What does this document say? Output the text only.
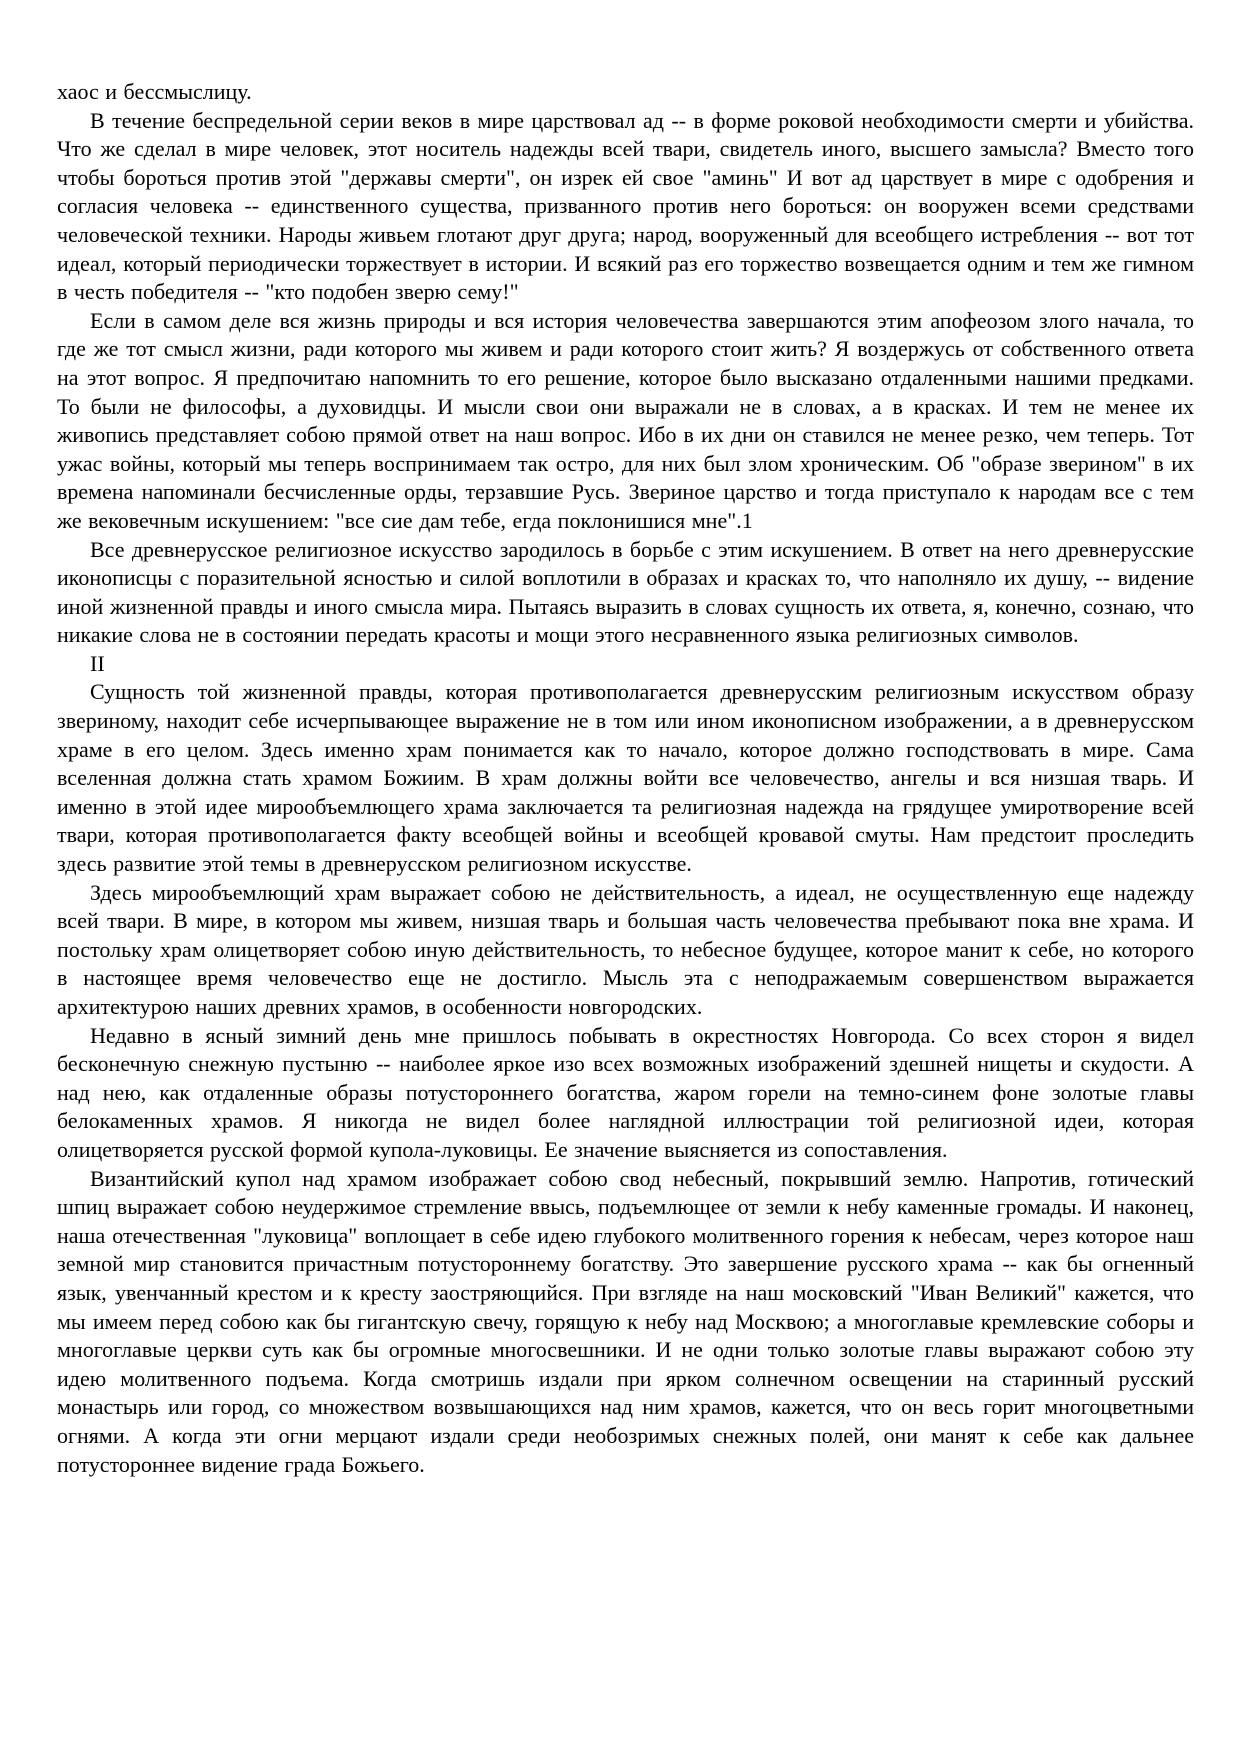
хаос и бессмыслицу.

В течение беспредельной серии веков в мире царствовал ад -- в форме роковой необходимости смерти и убийства. Что же сделал в мире человек, этот носитель надежды всей твари, свидетель иного, высшего замысла? Вместо того чтобы бороться против этой "державы смерти", он изрек ей свое "аминь" И вот ад царствует в мире с одобрения и согласия человека -- единственного существа, призванного против него бороться: он вооружен всеми средствами человеческой техники. Народы живьем глотают друг друга; народ, вооруженный для всеобщего истребления -- вот тот идеал, который периодически торжествует в истории. И всякий раз его торжество возвещается одним и тем же гимном в честь победителя -- "кто подобен зверю сему!"

Если в самом деле вся жизнь природы и вся история человечества завершаются этим апофеозом злого начала, то где же тот смысл жизни, ради которого мы живем и ради которого стоит жить? Я воздержусь от собственного ответа на этот вопрос. Я предпочитаю напомнить то его решение, которое было высказано отдаленными нашими предками. То были не философы, а духовидцы. И мысли свои они выражали не в словах, а в красках. И тем не менее их живопись представляет собою прямой ответ на наш вопрос. Ибо в их дни он ставился не менее резко, чем теперь. Тот ужас войны, который мы теперь воспринимаем так остро, для них был злом хроническим. Об "образе зверином" в их времена напоминали бесчисленные орды, терзавшие Русь. Звериное царство и тогда приступало к народам все с тем же вековечным искушением: "все сие дам тебе, егда поклонишися мне".1

Все древнерусское религиозное искусство зародилось в борьбе с этим искушением. В ответ на него древнерусские иконописцы с поразительной ясностью и силой воплотили в образах и красках то, что наполняло их душу, -- видение иной жизненной правды и иного смысла мира. Пытаясь выразить в словах сущность их ответа, я, конечно, сознаю, что никакие слова не в состоянии передать красоты и мощи этого несравненного языка религиозных символов.

II

Сущность той жизненной правды, которая противополагается древнерусским религиозным искусством образу звериному, находит себе исчерпывающее выражение не в том или ином иконописном изображении, а в древнерусском храме в его целом. Здесь именно храм понимается как то начало, которое должно господствовать в мире. Сама вселенная должна стать храмом Божиим. В храм должны войти все человечество, ангелы и вся низшая тварь. И именно в этой идее мирообъемлющего храма заключается та религиозная надежда на грядущее умиротворение всей твари, которая противополагается факту всеобщей войны и всеобщей кровавой смуты. Нам предстоит проследить здесь развитие этой темы в древнерусском религиозном искусстве.

Здесь мирообъемлющий храм выражает собою не действительность, а идеал, не осуществленную еще надежду всей твари. В мире, в котором мы живем, низшая тварь и большая часть человечества пребывают пока вне храма. И постольку храм олицетворяет собою иную действительность, то небесное будущее, которое манит к себе, но которого в настоящее время человечество еще не достигло. Мысль эта с неподражаемым совершенством выражается архитектурою наших древних храмов, в особенности новгородских.

Недавно в ясный зимний день мне пришлось побывать в окрестностях Новгорода. Со всех сторон я видел бесконечную снежную пустыню -- наиболее яркое изо всех возможных изображений здешней нищеты и скудости. А над нею, как отдаленные образы потустороннего богатства, жаром горели на темно-синем фоне золотые главы белокаменных храмов. Я никогда не видел более наглядной иллюстрации той религиозной идеи, которая олицетворяется русской формой купола-луковицы. Ее значение выясняется из сопоставления.

Византийский купол над храмом изображает собою свод небесный, покрывший землю. Напротив, готический шпиц выражает собою неудержимое стремление ввысь, подъемлющее от земли к небу каменные громады. И наконец, наша отечественная "луковица" воплощает в себе идею глубокого молитвенного горения к небесам, через которое наш земной мир становится причастным потустороннему богатству. Это завершение русского храма -- как бы огненный язык, увенчанный крестом и к кресту заостряющийся. При взгляде на наш московский "Иван Великий" кажется, что мы имеем перед собою как бы гигантскую свечу, горящую к небу над Москвою; а многоглавые кремлевские соборы и многоглавые церкви суть как бы огромные многосвешники. И не одни только золотые главы выражают собою эту идею молитвенного подъема. Когда смотришь издали при ярком солнечном освещении на старинный русский монастырь или город, со множеством возвышающихся над ним храмов, кажется, что он весь горит многоцветными огнями. А когда эти огни мерцают издали среди необозримых снежных полей, они манят к себе как дальнее потустороннее видение града Божьего.
